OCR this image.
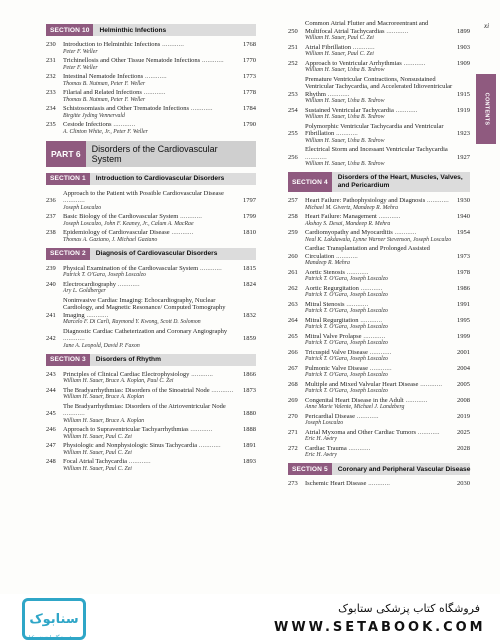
xi
CONTENTS
SECTION 10	Helminthic Infections
230	Introduction to Helminthic Infections ............	1768
Peter F. Weller
231	Trichinellosis and Other Tissue Nematode Infections ............	1770
Peter F. Weller
232	Intestinal Nematode Infections ............	1773
Thomas B. Nutman, Peter F. Weller
233	Filarial and Related Infections ............	1778
Thomas B. Nutman, Peter F. Weller
234	Schistosomiasis and Other Trematode Infections ............	1784
Birgitte Jyding Vennervald
235	Cestode Infections ............	1790
A. Clinton White, Jr., Peter F. Weller
PART 6	Disorders of the Cardiovascular System
SECTION 1	Introduction to Cardiovascular Disorders
236
Approach to the Patient with Possible Cardiovascular Disease ............	1797
Joseph Loscalzo
237	Basic Biology of the Cardiovascular System ............	1799
Joseph Loscalzo, John F. Keaney, Jr., Calum A. MacRae
238	Epidemiology of Cardiovascular Disease ............	1810
Thomas A. Gaziano, J. Michael Gaziano
SECTION 2	Diagnosis of Cardiovascular Disorders
239	Physical Examination of the Cardiovascular System ............	1815
Patrick T. O'Gara, Joseph Loscalzo
240	Electrocardiography ............	1824
Ary L. Goldberger
241
Noninvasive Cardiac Imaging: Echocardiography, Nuclear Cardiology, and Magnetic Resonance/ Computed Tomography Imaging ............	1832
Marcelo F. Di Carli, Raymond Y. Kwong, Scott D. Solomon
242
Diagnostic Cardiac Catheterization and Coronary Angiography ............	1859
Jane A. Leopold, David P. Faxon
SECTION 3	Disorders of Rhythm
243	Principles of Clinical Cardiac Electrophysiology ............	1866
William H. Sauer, Bruce A. Koplan, Paul C. Zei
244	The Bradyarrhythmias: Disorders of the Sinoatrial Node ............	1873
William H. Sauer, Bruce A. Koplan
245
The Bradyarrhythmias: Disorders of the Atrioventricular Node ............	1880
William H. Sauer, Bruce A. Koplan
246	Approach to Supraventricular Tachyarrhythmias ............	1888
William H. Sauer, Paul C. Zei
247	Physiologic and Nonphysiologic Sinus Tachycardia ............	1891
William H. Sauer, Paul C. Zei
248	Focal Atrial Tachycardia ............	1893
William H. Sauer, Paul C. Zei
250
Common Atrial Flutter and Macroreentrant and Multifocal Atrial Tachycardias ............	1899
William H. Sauer, Paul C. Zei
251	Atrial Fibrillation ............	1903
William H. Sauer, Paul C. Zei
252	Approach to Ventricular Arrhythmias ............	1909
William H. Sauer, Usha B. Tedrow
253
Premature Ventricular Contractions, Nonsustained Ventricular Tachycardia, and Accelerated Idioventricular Rhythm ............	1915
William H. Sauer, Usha B. Tedrow
254	Sustained Ventricular Tachycardia ............	1919
William H. Sauer, Usha B. Tedrow
255
Polymorphic Ventricular Tachycardia and Ventricular Fibrillation ............	1923
William H. Sauer, Usha B. Tedrow
256
Electrical Storm and Incessant Ventricular Tachycardia ............	1927
William H. Sauer, Usha B. Tedrow
SECTION 4
Disorders of the Heart, Muscles, Valves, and Pericardium
257	Heart Failure: Pathophysiology and Diagnosis ............	1930
Michael M. Givertz, Mandeep R. Mehra
258	Heart Failure: Management ............	1940
Akshay S. Desai, Mandeep R. Mehra
259	Cardiomyopathy and Myocarditis ............	1954
Neal K. Lakdawala, Lynne Warner Stevenson, Joseph Loscalzo
260
Cardiac Transplantation and Prolonged Assisted Circulation ............	1973
Mandeep R. Mehra
261	Aortic Stenosis ............	1978
Patrick T. O'Gara, Joseph Loscalzo
262	Aortic Regurgitation ............	1986
Patrick T. O'Gara, Joseph Loscalzo
263	Mitral Stenosis ............	1991
Patrick T. O'Gara, Joseph Loscalzo
264	Mitral Regurgitation ............	1995
Patrick T. O'Gara, Joseph Loscalzo
265	Mitral Valve Prolapse ............	1999
Patrick T. O'Gara, Joseph Loscalzo
266	Tricuspid Valve Disease ............	2001
Patrick T. O'Gara, Joseph Loscalzo
267	Pulmonic Valve Disease ............	2004
Patrick T. O'Gara, Joseph Loscalzo
268	Multiple and Mixed Valvular Heart Disease ............	2005
Patrick T. O'Gara, Joseph Loscalzo
269	Congenital Heart Disease in the Adult ............	2008
Anne Marie Valente, Michael J. Landzberg
270	Pericardial Disease ............	2019
Joseph Loscalzo
271	Atrial Myxoma and Other Cardiac Tumors ............	2025
Eric H. Awtry
272	Cardiac Trauma ............	2028
Eric H. Awtry
SECTION 5	Coronary and Peripheral Vascular Disease
273	Ischemic Heart Disease ............	2030
سنابوک
فروشگاه اینترنتی کتاب
فروشگاه کتاب پزشکی ستابوک
WWW.SETABOOK.COM
